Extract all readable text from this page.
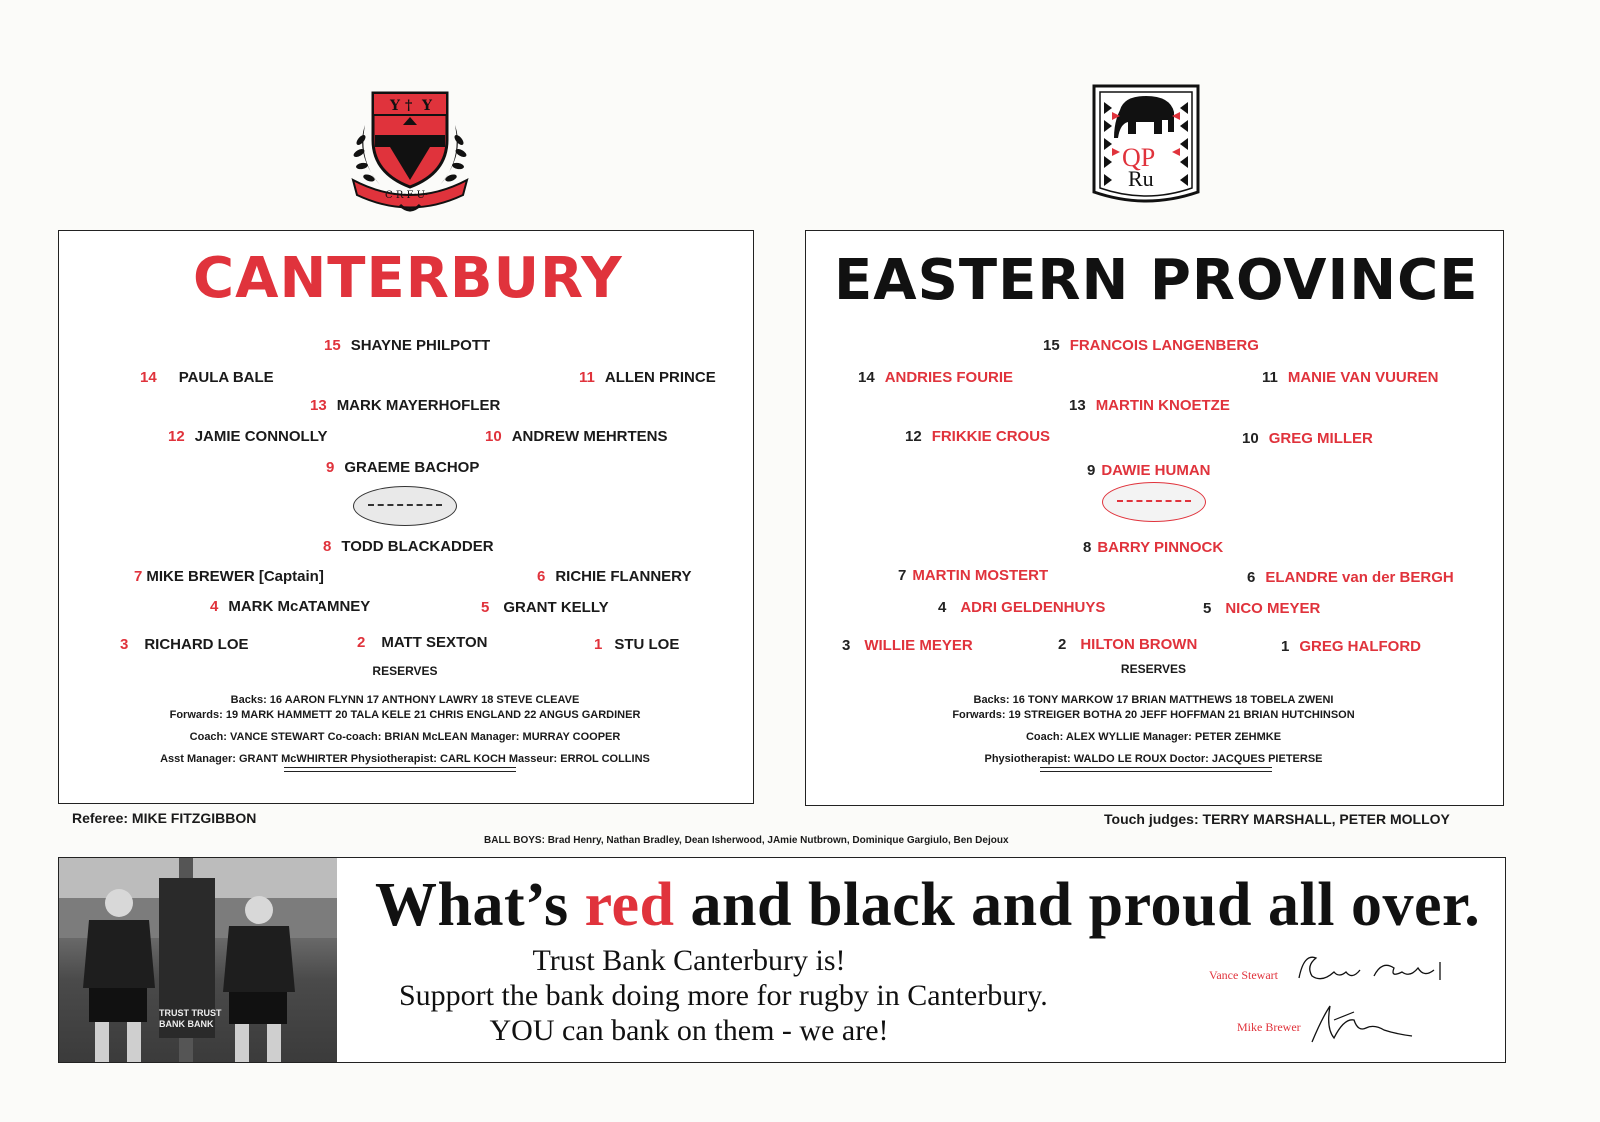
Y † Y
C·R·F·U·
QP
Ru
CANTERBURY
15 SHAYNE PHILPOTT
14 PAULA BALE	11 ALLEN PRINCE
13 MARK MAYERHOFLER
12 JAMIE CONNOLLY	10 ANDREW MEHRTENS
9 GRAEME BACHOP
8 TODD BLACKADDER
7 MIKE BREWER [Captain]	6 RICHIE FLANNERY
4 MARK McATAMNEY	5 GRANT KELLY
3 RICHARD LOE	2 MATT SEXTON	1 STU LOE
RESERVES
Backs: 16 AARON FLYNN 17 ANTHONY LAWRY 18 STEVE CLEAVE
Forwards: 19 MARK HAMMETT 20 TALA KELE 21 CHRIS ENGLAND 22 ANGUS GARDINER
Coach: VANCE STEWART Co-coach: BRIAN McLEAN Manager: MURRAY COOPER
Asst Manager: GRANT McWHIRTER Physiotherapist: CARL KOCH Masseur: ERROL COLLINS
EASTERN PROVINCE
15 FRANCOIS LANGENBERG
14 ANDRIES FOURIE	11 MANIE VAN VUUREN
13 MARTIN KNOETZE
12 FRIKKIE CROUS	10 GREG MILLER
9 DAWIE HUMAN
8 BARRY PINNOCK
7 MARTIN MOSTERT	6 ELANDRE van der BERGH
4 ADRI GELDENHUYS	5 NICO MEYER
3 WILLIE MEYER	2 HILTON BROWN	1 GREG HALFORD
RESERVES
Backs: 16 TONY MARKOW 17 BRIAN MATTHEWS 18 TOBELA ZWENI
Forwards: 19 STREIGER BOTHA 20 JEFF HOFFMAN 21 BRIAN HUTCHINSON
Coach: ALEX WYLLIE Manager: PETER ZEHMKE
Physiotherapist: WALDO LE ROUX Doctor: JACQUES PIETERSE
Referee: MIKE FITZGIBBON	Touch judges: TERRY MARSHALL, PETER MOLLOY
BALL BOYS: Brad Henry, Nathan Bradley, Dean Isherwood, JAmie Nutbrown, Dominique Gargiulo, Ben Dejoux
TRUST TRUST BANK BANK
What’s red and black and proud all over.
Trust Bank Canterbury is!
Support the bank doing more for rugby in Canterbury.
YOU can bank on them - we are!
Vance Stewart
Mike Brewer
